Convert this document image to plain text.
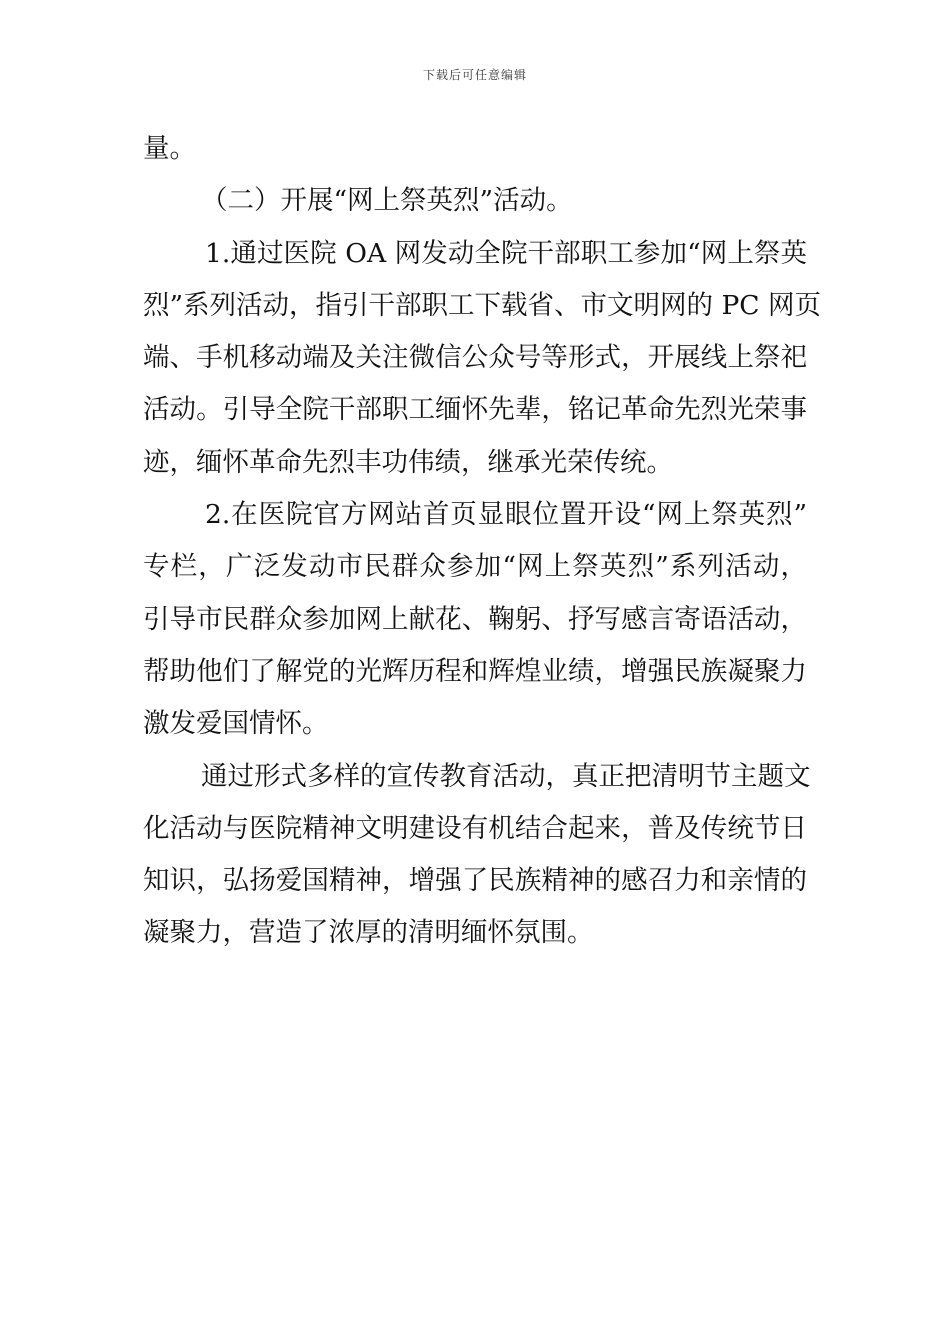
下载后可任意编辑
量。
（二）开展“网上祭英烈”活动。
1.通过医院 OA 网发动全院干部职工参加“网上祭英
烈”系列活动，指引干部职工下载省、市文明网的 PC 网页
端、手机移动端及关注微信公众号等形式，开展线上祭祀
活动。引导全院干部职工缅怀先辈，铭记革命先烈光荣事
迹，缅怀革命先烈丰功伟绩，继承光荣传统。
2.在医院官方网站首页显眼位置开设“网上祭英烈”
专栏，广泛发动市民群众参加“网上祭英烈”系列活动，
引导市民群众参加网上献花、鞠躬、抒写感言寄语活动，
帮助他们了解党的光辉历程和辉煌业绩，增强民族凝聚力
激发爱国情怀。
通过形式多样的宣传教育活动，真正把清明节主题文
化活动与医院精神文明建设有机结合起来，普及传统节日
知识，弘扬爱国精神，增强了民族精神的感召力和亲情的
凝聚力，营造了浓厚的清明缅怀氛围。
